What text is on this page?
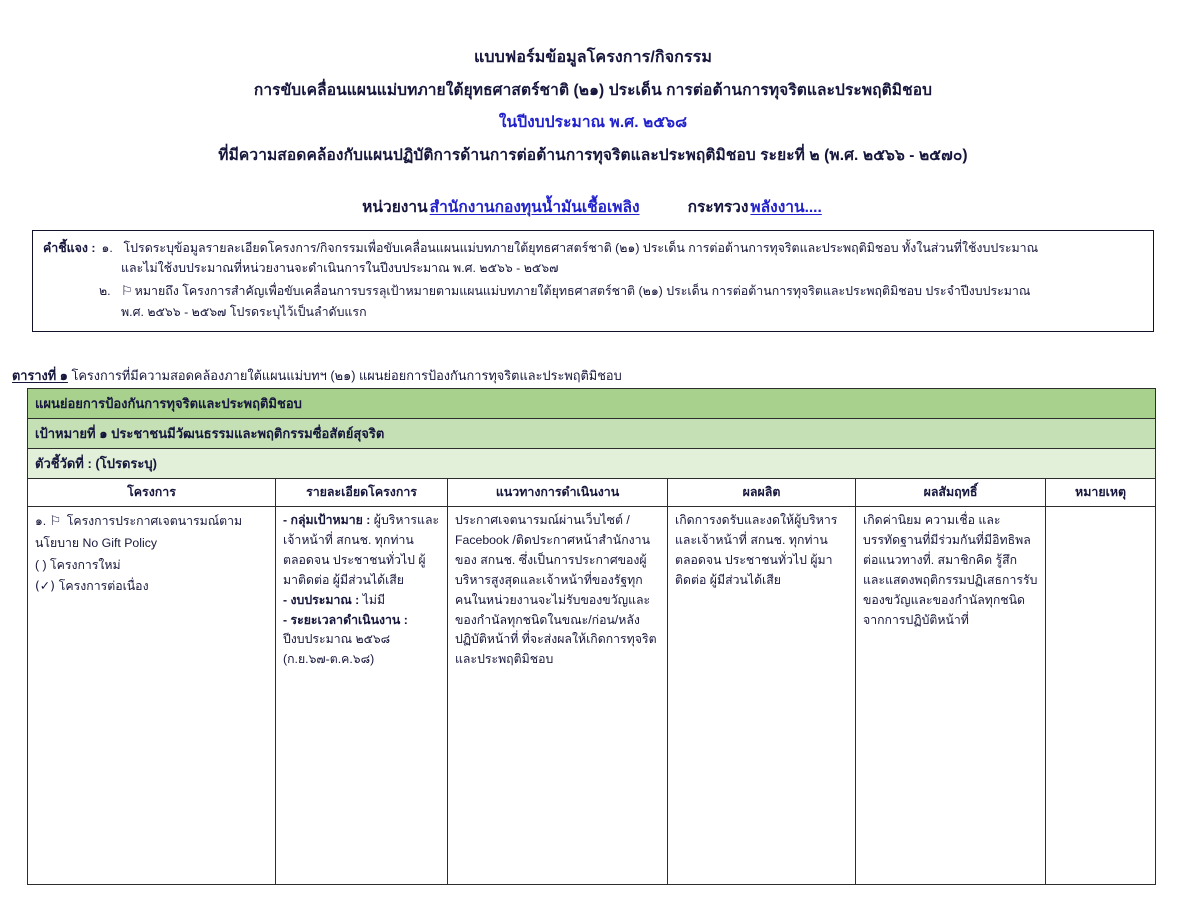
แบบฟอร์มข้อมูลโครงการ/กิจกรรม
การขับเคลื่อนแผนแม่บทภายใต้ยุทธศาสตร์ชาติ (๒๑) ประเด็น การต่อต้านการทุจริตและประพฤติมิชอบ
ในปีงบประมาณ พ.ศ. ๒๕๖๘
ที่มีความสอดคล้องกับแผนปฏิบัติการด้านการต่อต้านการทุจริตและประพฤติมิชอบ ระยะที่ ๒ (พ.ศ. ๒๕๖๖ - ๒๕๗๐)
หน่วยงาน สำนักงานกองทุนน้ำมันเชื้อเพลิง	กระทรวง พลังงาน....
คำชี้แจง : ๑. โปรดระบุข้อมูลรายละเอียดโครงการ/กิจกรรมเพื่อขับเคลื่อนแผนแม่บทภายใต้ยุทธศาสตร์ชาติ (๒๑) ประเด็น การต่อต้านการทุจริตและประพฤติมิชอบ ทั้งในส่วนที่ใช้งบประมาณ
และไม่ใช้งบประมาณที่หน่วยงานจะดำเนินการในปีงบประมาณ พ.ศ. ๒๕๖๖ - ๒๕๖๗
๒. ⚐ หมายถึง โครงการสำคัญเพื่อขับเคลื่อนการบรรลุเป้าหมายตามแผนแม่บทภายใต้ยุทธศาสตร์ชาติ (๒๑) ประเด็น การต่อต้านการทุจริตและประพฤติมิชอบ ประจำปีงบประมาณ
พ.ศ. ๒๕๖๖ - ๒๕๖๗ โปรดระบุไว้เป็นลำดับแรก
ตารางที่ ๑ โครงการที่มีความสอดคล้องภายใต้แผนแม่บทฯ (๒๑) แผนย่อยการป้องกันการทุจริตและประพฤติมิชอบ
แผนย่อยการป้องกันการทุจริตและประพฤติมิชอบ					
เป้าหมายที่ ๑ ประชาชนมีวัฒนธรรมและพฤติกรรมซื่อสัตย์สุจริต					
ตัวชี้วัดที่ : (โปรดระบุ)					
โครงการ	รายละเอียดโครงการ	แนวทางการดำเนินงาน	ผลผลิต	ผลสัมฤทธิ์	หมายเหตุ

๑. ⚐ โครงการประกาศเจตนารมณ์ตามนโยบาย No Gift Policy
( ) โครงการใหม่
(✓) โครงการต่อเนื่อง

- กลุ่มเป้าหมาย : ผู้บริหารและเจ้าหน้าที่ สกนช. ทุกท่าน ตลอดจน ประชาชนทั่วไป ผู้มาติดต่อ ผู้มีส่วนได้เสีย
- งบประมาณ : ไม่มี
- ระยะเวลาดำเนินงาน : ปีงบประมาณ ๒๕๖๘ (ก.ย.๖๗-ต.ค.๖๘)

ประกาศเจตนารมณ์ผ่านเว็บไซต์ / Facebook /ติดประกาศหน้าสำนักงาน ของ สกนช. ซึ่งเป็นการประกาศของผู้บริหารสูงสุดและเจ้าหน้าที่ของรัฐทุกคนในหน่วยงานจะไม่รับของขวัญและของกำนัลทุกชนิดในขณะ/ก่อน/หลังปฏิบัติหน้าที่ ที่จะส่งผลให้เกิดการทุจริตและประพฤติมิชอบ

เกิดการงดรับและงดให้ผู้บริหารและเจ้าหน้าที่ สกนช. ทุกท่าน ตลอดจน ประชาชนทั่วไป ผู้มาติดต่อ ผู้มีส่วนได้เสีย

เกิดค่านิยม ความเชื่อ และบรรทัดฐานที่มีร่วมกันที่มีอิทธิพลต่อแนวทางที่. สมาชิกคิด รู้สึก และแสดงพฤติกรรมปฏิเสธการรับของขวัญและของกำนัลทุกชนิดจากการปฏิบัติหน้าที่
